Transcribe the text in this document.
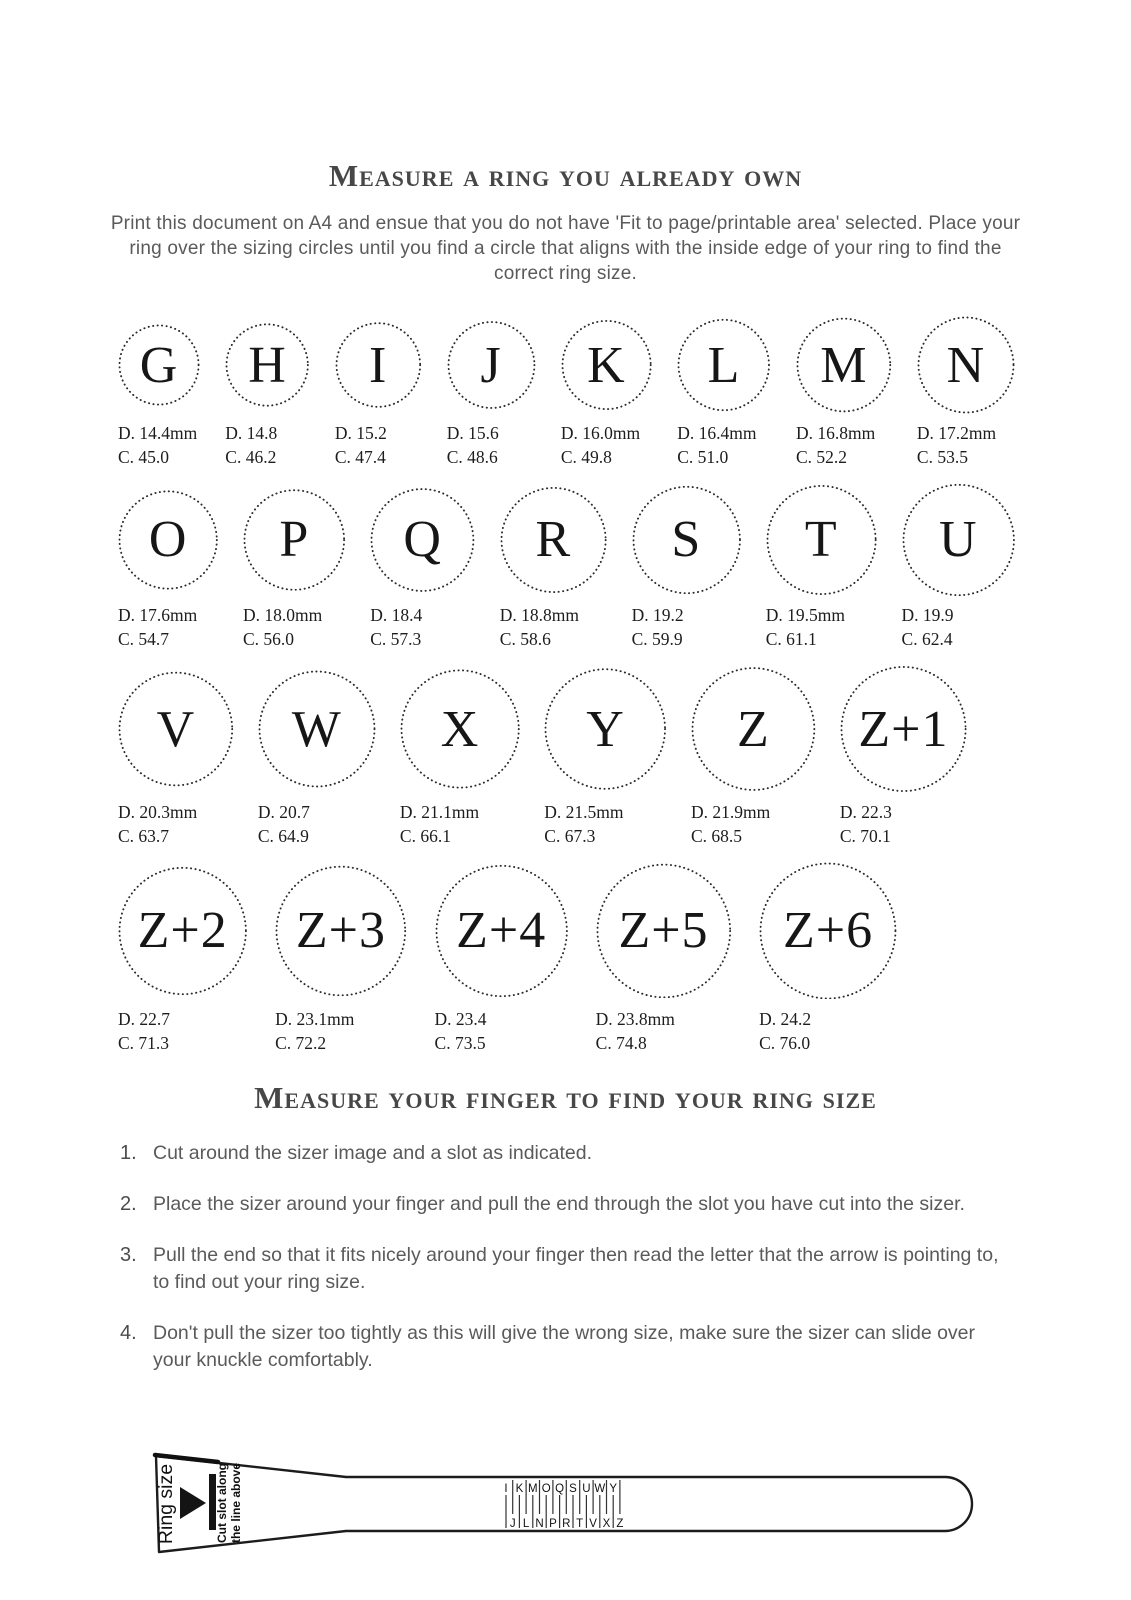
Measure a ring you already own

Print this document on A4 and ensue that you do not have 'Fit to page/printable area' selected. Place your ring over the sizing circles until you find a circle that aligns with the inside edge of your ring to find the correct ring size.

G
D. 14.4mm
C. 45.0
H
D. 14.8
C. 46.2
I
D. 15.2
C. 47.4
J
D. 15.6
C. 48.6
K
D. 16.0mm
C. 49.8
L
D. 16.4mm
C. 51.0
M
D. 16.8mm
C. 52.2
N
D. 17.2mm
C. 53.5
O
D. 17.6mm
C. 54.7
P
D. 18.0mm
C. 56.0
Q
D. 18.4
C. 57.3
R
D. 18.8mm
C. 58.6
S
D. 19.2
C. 59.9
T
D. 19.5mm
C. 61.1
U
D. 19.9
C. 62.4
V
D. 20.3mm
C. 63.7
W
D. 20.7
C. 64.9
X
D. 21.1mm
C. 66.1
Y
D. 21.5mm
C. 67.3
Z
D. 21.9mm
C. 68.5
Z+1
D. 22.3
C. 70.1
Z+2
D. 22.7
C. 71.3
Z+3
D. 23.1mm
C. 72.2
Z+4
D. 23.4
C. 73.5
Z+5
D. 23.8mm
C. 74.8
Z+6
D. 24.2
C. 76.0
Measure your finger to find your ring size
1. Cut around the sizer image and a slot as indicated.
2. Place the sizer around your finger and pull the end through the slot you have cut into the sizer.
3. Pull the end so that it fits nicely around your finger then read the letter that the arrow is pointing to, to find out your ring size.
4. Don't pull the sizer too tightly as this will give the wrong size, make sure the sizer can slide over your knuckle comfortably.
Ring size	Cut slot along the line above	I K M O Q S U W Y
J L N P R T V X Z
